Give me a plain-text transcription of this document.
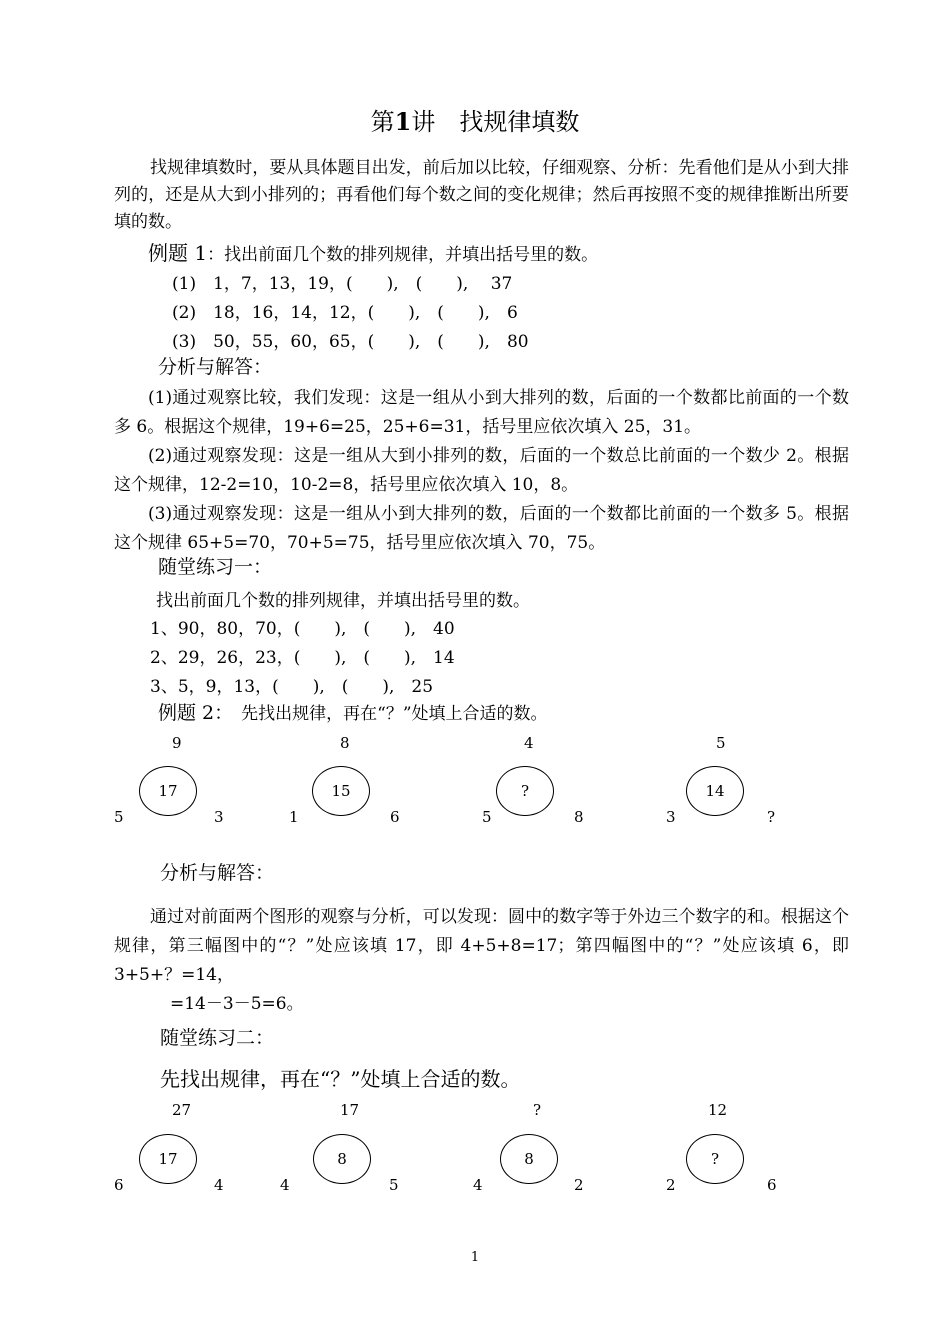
第1讲　找规律填数
找规律填数时，要从具体题目出发，前后加以比较，仔细观察、分析：先看他们是从小到大排列的，还是从大到小排列的；再看他们每个数之间的变化规律；然后再按照不变的规律推断出所要填的数。
例题 1：找出前面几个数的排列规律，并填出括号里的数。
(1)　1，7，13，19，(　　),　(　　),　 37
(2)　18，16，14，12，(　　),　(　　),　6
(3)　50，55，60，65，(　　),　(　　),　80
分析与解答：
(1)通过观察比较，我们发现：这是一组从小到大排列的数，后面的一个数都比前面的一个数多 6。根据这个规律，19+6=25，25+6=31，括号里应依次填入 25，31。
(2)通过观察发现：这是一组从大到小排列的数，后面的一个数总比前面的一个数少 2。根据这个规律，12-2=10，10-2=8，括号里应依次填入 10，8。
(3)通过观察发现：这是一组从小到大排列的数，后面的一个数都比前面的一个数多 5。根据这个规律 65+5=70，70+5=75，括号里应依次填入 70，75。
随堂练习一：
找出前面几个数的排列规律，并填出括号里的数。
1、90，80，70，(　　),　(　　),　40
2、29，26，23，(　　),　(　　),　14
3、5，9，13，(　　),　(　　),　25
例题 2： 先找出规律，再在“？”处填上合适的数。
9
17
5	3
8
15
1	6
4
?
5	8
5
14
3	?
分析与解答：
通过对前面两个图形的观察与分析，可以发现：圆中的数字等于外边三个数字的和。根据这个规律，第三幅图中的“？”处应该填 17，即 4+5+8=17；第四幅图中的“？”处应该填 6，即 3+5+？=14，
=14－3－5=6。
随堂练习二：
先找出规律，再在“？”处填上合适的数。
27
17
6	4
17
8
4	5
?
8
4	2
12
?
2	6
1
